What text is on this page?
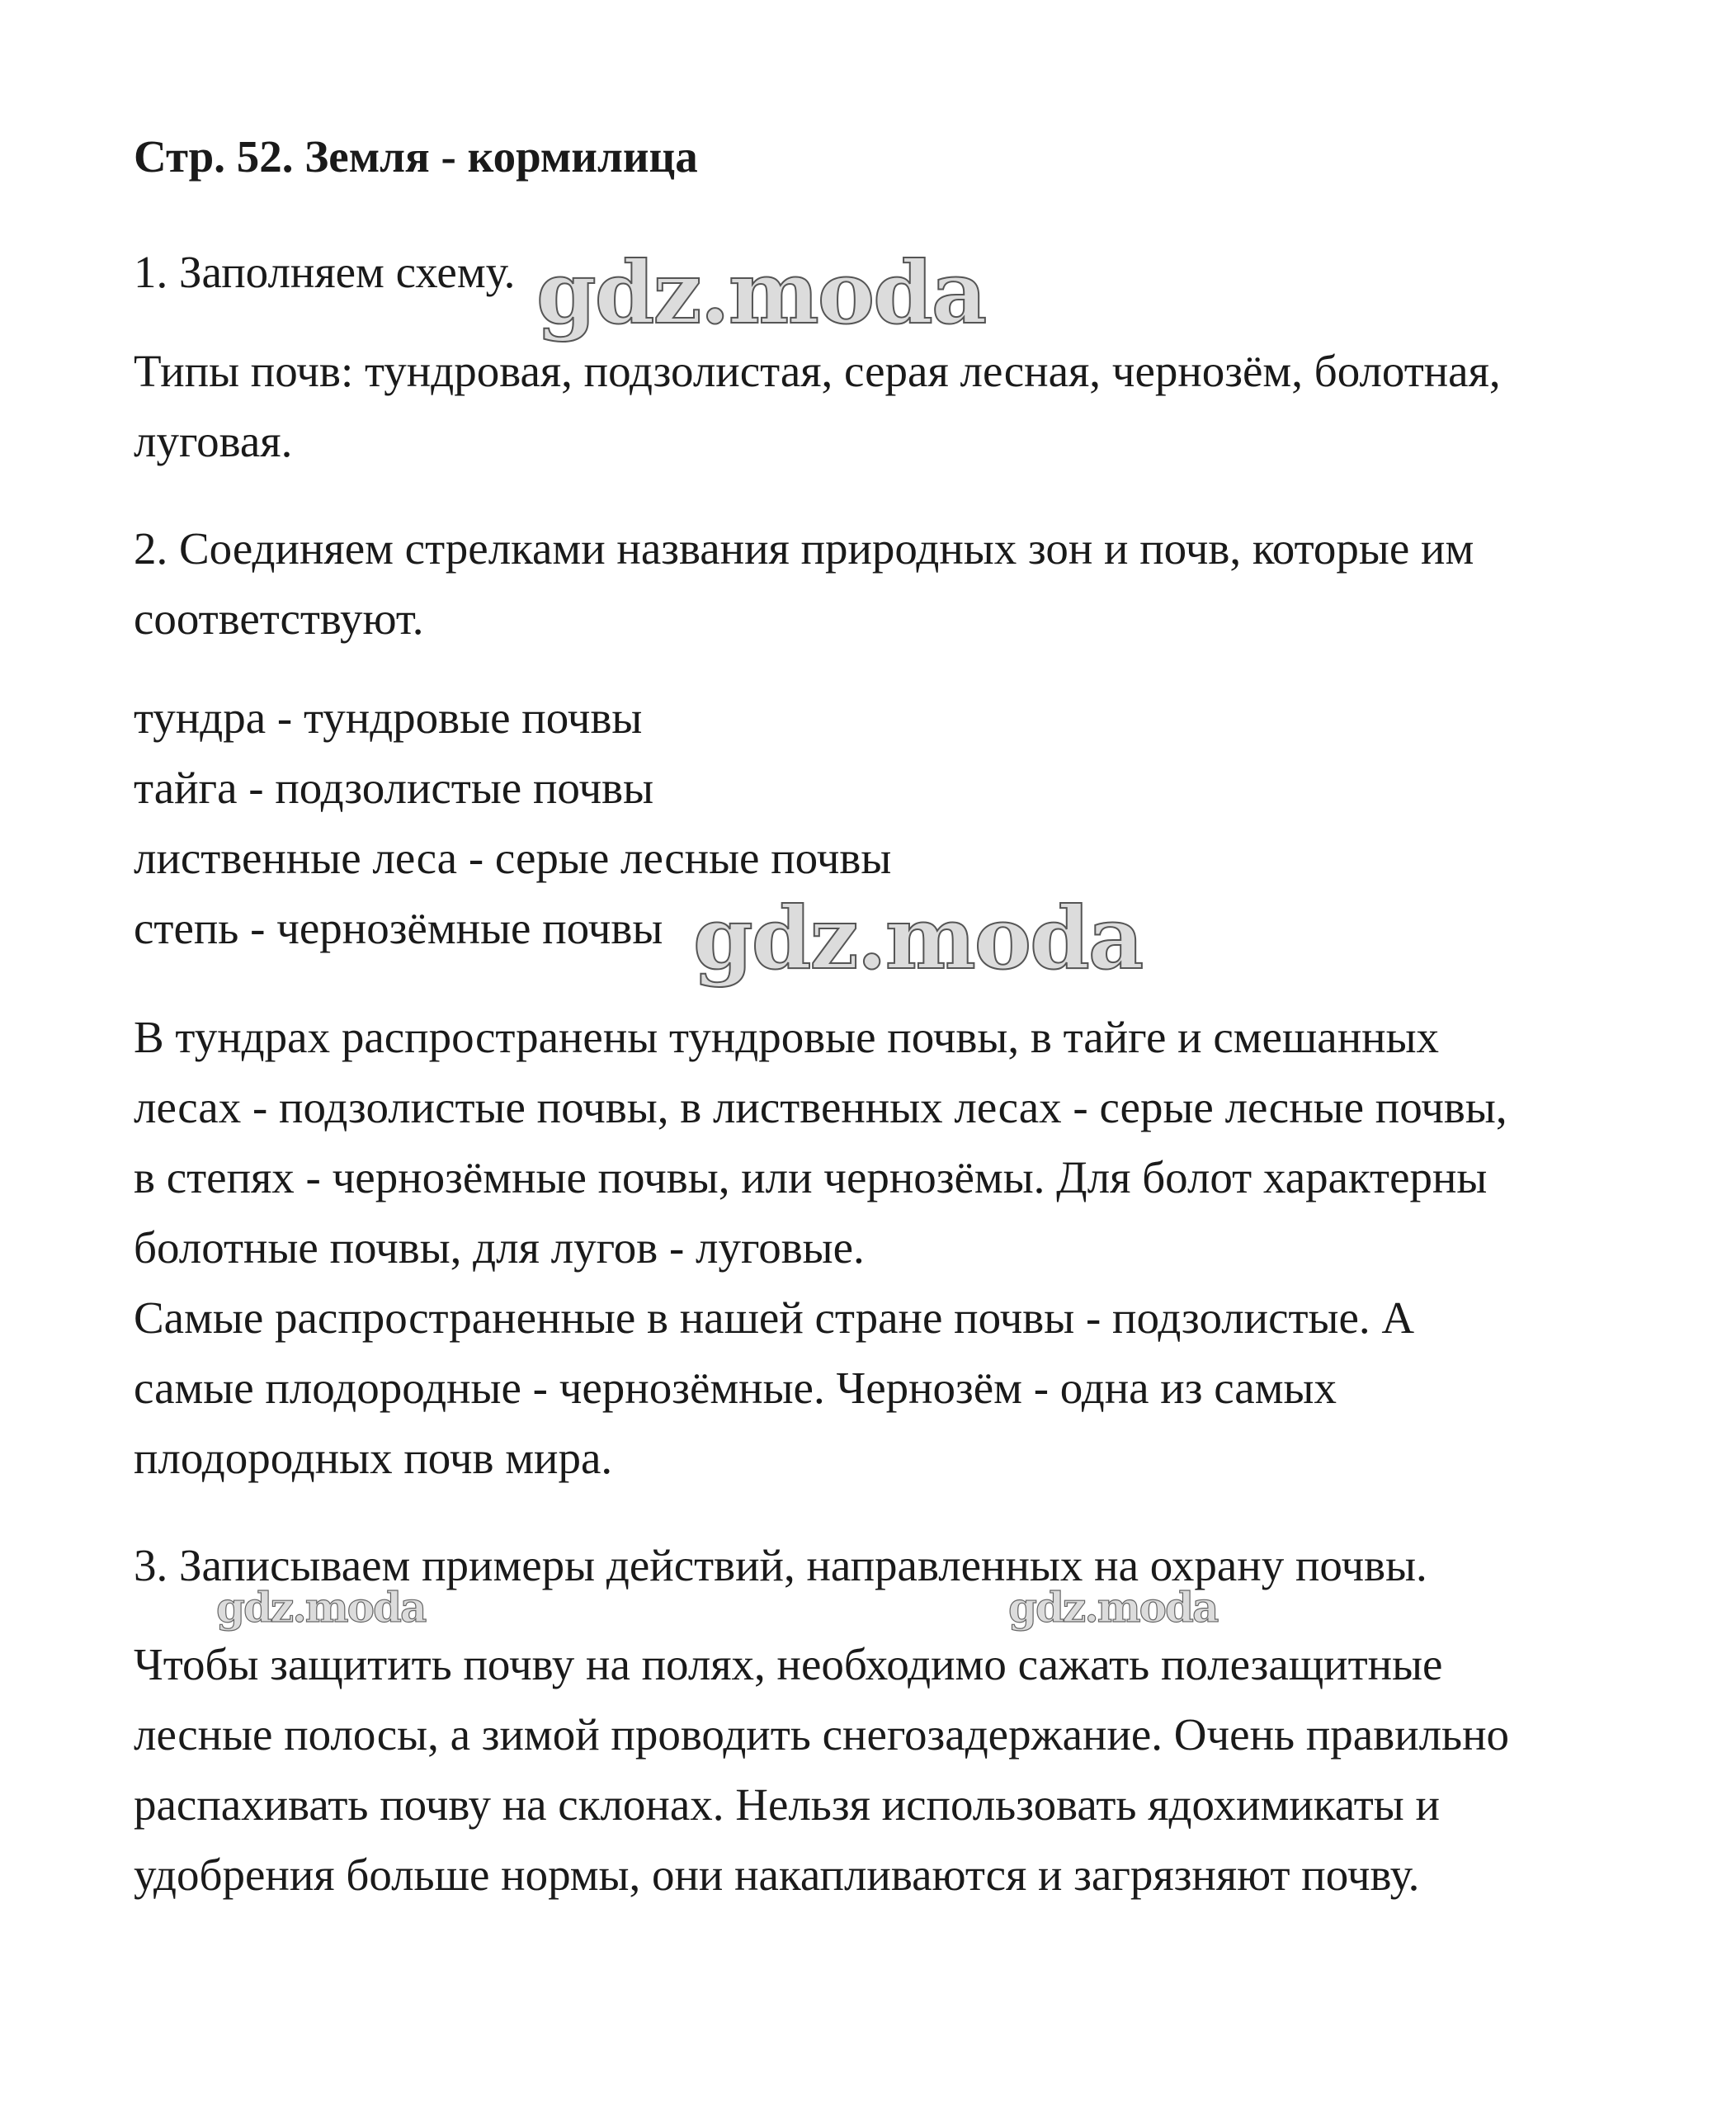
Стр. 52. Земля - кормилица
1. Заполняем схему.
Типы почв: тундровая, подзолистая, серая лесная, чернозём, болотная,
луговая.
2. Соединяем стрелками названия природных зон и почв, которые им
соответствуют.
тундра - тундровые почвы
тайга - подзолистые почвы
лиственные леса - серые лесные почвы
степь - чернозёмные почвы
В тундрах распространены тундровые почвы, в тайге и смешанных
лесах - подзолистые почвы, в лиственных лесах - серые лесные почвы,
в степях - чернозёмные почвы, или чернозёмы. Для болот характерны
болотные почвы, для лугов - луговые.
Самые распространенные в нашей стране почвы - подзолистые. А
самые плодородные - чернозёмные. Чернозём - одна из самых
плодородных почв мира.
3. Записываем примеры действий, направленных на охрану почвы.
Чтобы защитить почву на полях, необходимо сажать полезащитные
лесные полосы, а зимой проводить снегозадержание. Очень правильно
распахивать почву на склонах. Нельзя использовать ядохимикаты и
удобрения больше нормы, они накапливаются и загрязняют почву.
gdz.moda
gdz.moda
gdz.moda	gdz.moda
